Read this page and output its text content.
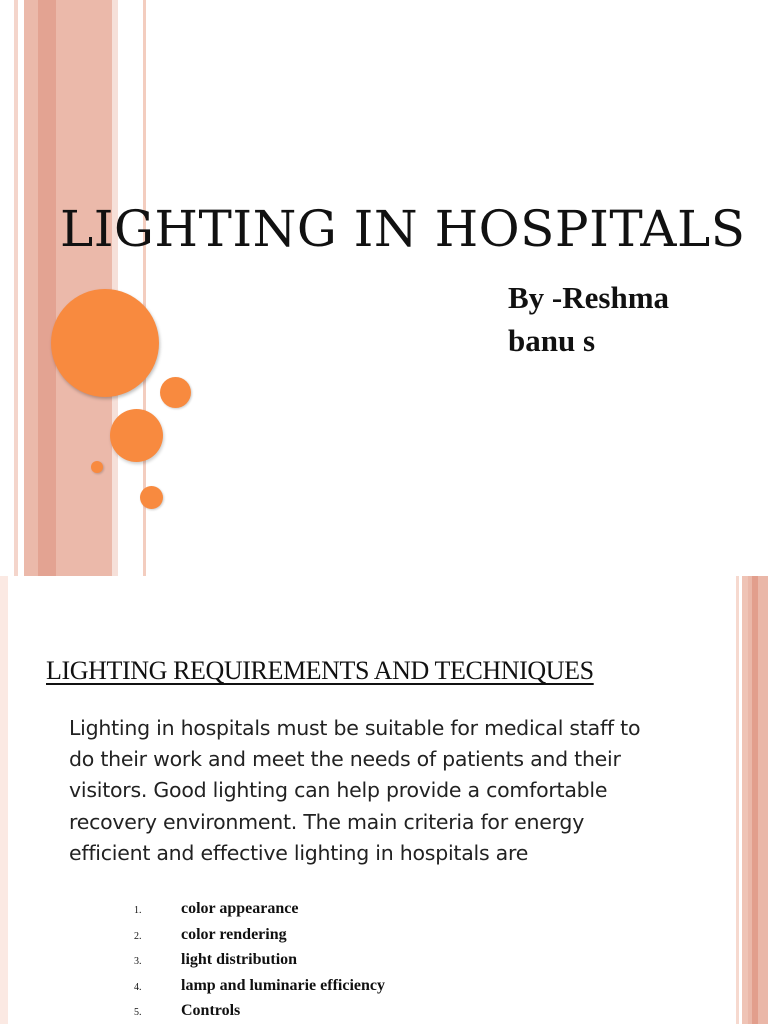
LIGHTING IN HOSPITALS
By -Reshma
banu s
LIGHTING REQUIREMENTS AND TECHNIQUES

Lighting in hospitals must be suitable for medical staff to do their work and meet the needs of patients and their visitors. Good lighting can help provide a comfortable recovery environment. The main criteria for energy efficient and effective lighting in hospitals are

1. color appearance
2. color rendering
3. light distribution
4. lamp and luminarie efficiency
5. Controls
